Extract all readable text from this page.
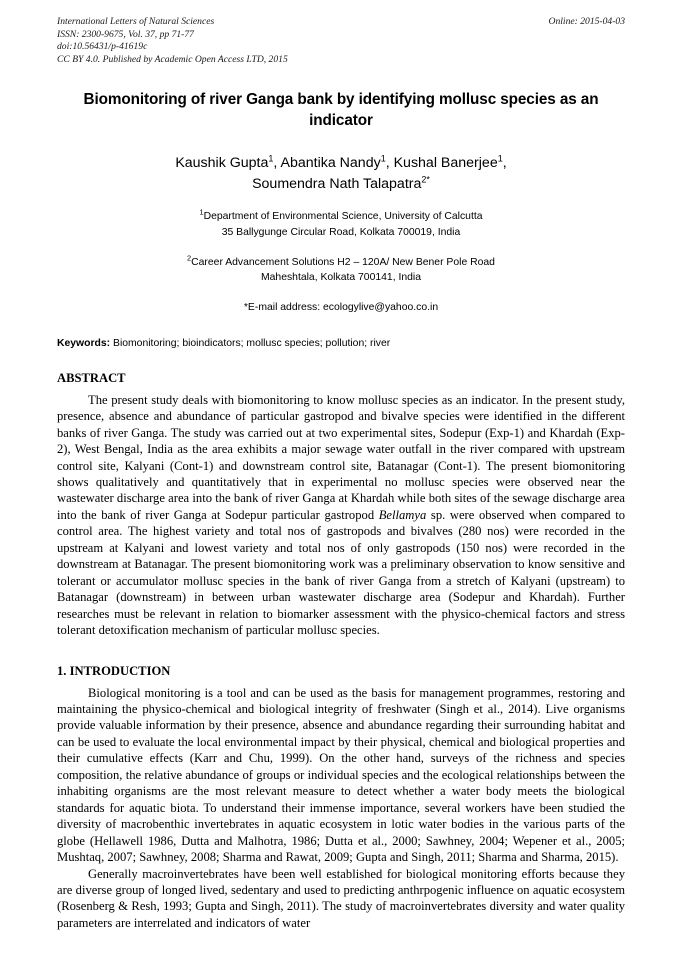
International Letters of Natural Sciences
ISSN: 2300-9675, Vol. 37, pp 71-77
doi:10.56431/p-41619c
CC BY 4.0. Published by Academic Open Access LTD, 2015
Online: 2015-04-03
Biomonitoring of river Ganga bank by identifying mollusc species as an indicator
Kaushik Gupta$^1$, Abantika Nandy$^1$, Kushal Banerjee$^1$,
Soumendra Nath Talapatra$^{2*}$
$^1$Department of Environmental Science, University of Calcutta
35 Ballygunge Circular Road, Kolkata 700019, India
$^2$Career Advancement Solutions H2 – 120A/ New Bener Pole Road
Maheshtala, Kolkata 700141, India
*E-mail address: ecologylive@yahoo.co.in
Keywords: Biomonitoring; bioindicators; mollusc species; pollution; river
ABSTRACT

The present study deals with biomonitoring to know mollusc species as an indicator. In the present study, presence, absence and abundance of particular gastropod and bivalve species were identified in the different banks of river Ganga. The study was carried out at two experimental sites, Sodepur (Exp-1) and Khardah (Exp-2), West Bengal, India as the area exhibits a major sewage water outfall in the river compared with upstream control site, Kalyani (Cont-1) and downstream control site, Batanagar (Cont-1). The present biomonitoring shows qualitatively and quantitatively that in experimental no mollusc species were observed near the wastewater discharge area into the bank of river Ganga at Khardah while both sites of the sewage discharge area into the bank of river Ganga at Sodepur particular gastropod Bellamya sp. were observed when compared to control area. The highest variety and total nos of gastropods and bivalves (280 nos) were recorded in the upstream at Kalyani and lowest variety and total nos of only gastropods (150 nos) were recorded in the downstream at Batanagar. The present biomonitoring work was a preliminary observation to know sensitive and tolerant or accumulator mollusc species in the bank of river Ganga from a stretch of Kalyani (upstream) to Batanagar (downstream) in between urban wastewater discharge area (Sodepur and Khardah). Further researches must be relevant in relation to biomarker assessment with the physico-chemical factors and stress tolerant detoxification mechanism of particular mollusc species.

1. INTRODUCTION

Biological monitoring is a tool and can be used as the basis for management programmes, restoring and maintaining the physico-chemical and biological integrity of freshwater (Singh et al., 2014). Live organisms provide valuable information by their presence, absence and abundance regarding their surrounding habitat and can be used to evaluate the local environmental impact by their physical, chemical and biological properties and their cumulative effects (Karr and Chu, 1999). On the other hand, surveys of the richness and species composition, the relative abundance of groups or individual species and the ecological relationships between the inhabiting organisms are the most relevant measure to detect whether a water body meets the biological standards for aquatic biota. To understand their immense importance, several workers have been studied the diversity of macrobenthic invertebrates in aquatic ecosystem in lotic water bodies in the various parts of the globe (Hellawell 1986, Dutta and Malhotra, 1986; Dutta et al., 2000; Sawhney, 2004; Wepener et al., 2005; Mushtaq, 2007; Sawhney, 2008; Sharma and Rawat, 2009; Gupta and Singh, 2011; Sharma and Sharma, 2015).

Generally macroinvertebrates have been well established for biological monitoring efforts because they are diverse group of longed lived, sedentary and used to predicting anthrpogenic influence on aquatic ecosystem (Rosenberg & Resh, 1993; Gupta and Singh, 2011). The study of macroinvertebrates diversity and water quality parameters are interrelated and indicators of water
